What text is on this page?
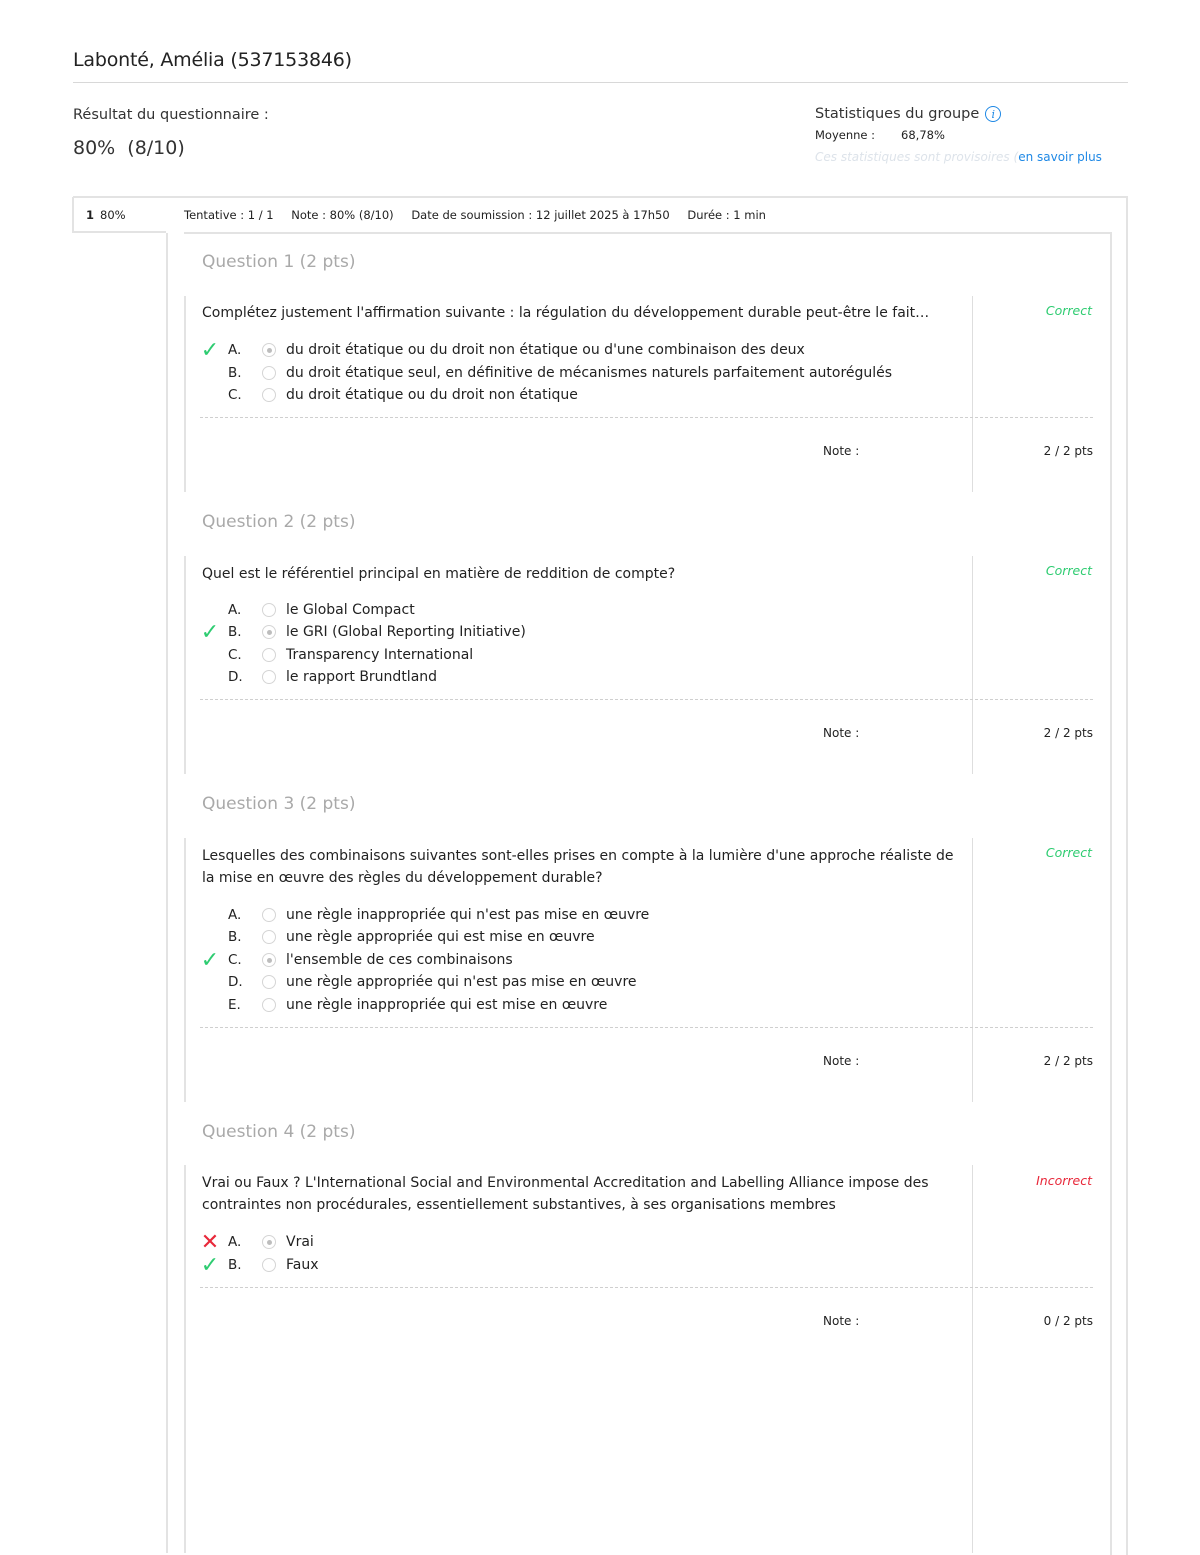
Labonté, Amélia (537153846)
Résultat du questionnaire :
80% (8/10)
Statistiques du groupe	i
Moyenne : 68,78%
Ces statistiques sont provisoires (en savoir plus
1 80%	Tentative : 1 / 1 Note : 80% (8/10) Date de soumission : 12 juillet 2025 à 17h50 Durée : 1 min
Question 1 (2 pts)
Complétez justement l'affirmation suivante : la régulation du développement durable peut-être le fait…	Correct
✓ A.	du droit étatique ou du droit non étatique ou d'une combinaison des deux
B.	du droit étatique seul, en définitive de mécanismes naturels parfaitement autorégulés
C.	du droit étatique ou du droit non étatique
Note :	2 / 2 pts
Question 2 (2 pts)
Quel est le référentiel principal en matière de reddition de compte?	Correct
A.	le Global Compact
✓ B.	le GRI (Global Reporting Initiative)
C.	Transparency International
D.	le rapport Brundtland
Note :	2 / 2 pts
Question 3 (2 pts)
Lesquelles des combinaisons suivantes sont-elles prises en compte à la lumière d'une approche réaliste de la mise en œuvre des règles du développement durable?
Correct
A.	une règle inappropriée qui n'est pas mise en œuvre
B.	une règle appropriée qui est mise en œuvre
✓ C.	l'ensemble de ces combinaisons
D.	une règle appropriée qui n'est pas mise en œuvre
E.	une règle inappropriée qui est mise en œuvre
Note :	2 / 2 pts
Question 4 (2 pts)
Vrai ou Faux ? L'International Social and Environmental Accreditation and Labelling Alliance impose des contraintes non procédurales, essentiellement substantives, à ses organisations membres
Incorrect
✕ A.	Vrai
✓ B.	Faux
Note :	0 / 2 pts
